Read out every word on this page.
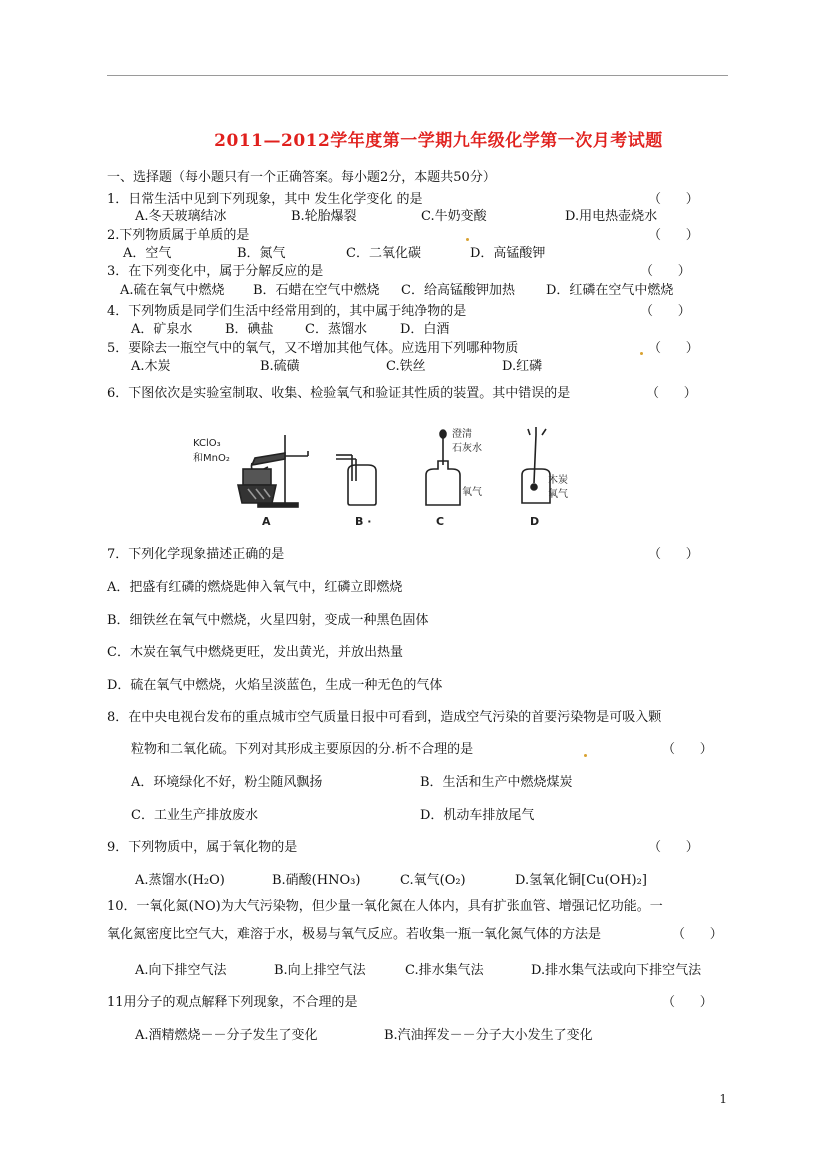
2011—2012学年度第一学期九年级化学第一次月考试题
一、选择题（每小题只有一个正确答案。每小题2分，本题共50分）
1．日常生活中见到下列现象，其中 发生化学变化 的是	（      ）
A.冬天玻璃结冰	B.轮胎爆裂	C.牛奶变酸	D.用电热壶烧水
2.下列物质属于单质的是	（      ）
A．空气	B．氮气	C．二氧化碳	D．高锰酸钾
3．在下列变化中，属于分解反应的是	（      ）
A.硫在氧气中燃烧 B．石蜡在空气中燃烧 C．给高锰酸钾加热 D．红磷在空气中燃烧
4．下列物质是同学们生活中经常用到的，其中属于纯净物的是	（      ）
A．矿泉水	B．碘盐 C．蒸馏水	D．白酒
5．要除去一瓶空气中的氧气，又不增加其他气体。应选用下列哪种物质	（      ）
A.木炭	B.硫磺	C.铁丝	D.红磷
6．下图依次是实验室制取、收集、检验氧气和验证其性质的装置。其中错误的是	（      ）
KClO₃
和MnO₂
A	B ·
澄清
石灰水
氧气
C
木炭
氧气
D
7．下列化学现象描述正确的是	（      ）
A．把盛有红磷的燃烧匙伸入氧气中，红磷立即燃烧
B．细铁丝在氧气中燃烧，火星四射，变成一种黑色固体
C．木炭在氧气中燃烧更旺，发出黄光，并放出热量
D．硫在氧气中燃烧，火焰呈淡蓝色，生成一种无色的气体
8．在中央电视台发布的重点城市空气质量日报中可看到，造成空气污染的首要污染物是可吸入颗
粒物和二氧化硫。下列对其形成主要原因的分.析不合理的是	（      ）
A．环境绿化不好，粉尘随风飘扬	B．生活和生产中燃烧煤炭
C．工业生产排放废水	D．机动车排放尾气
9．下列物质中，属于氧化物的是	（      ）
A.蒸馏水(H₂O)	B.硝酸(HNO₃)	C.氧气(O₂)	D.氢氧化铜[Cu(OH)₂]
10．一氧化氮(NO)为大气污染物，但少量一氧化氮在人体内，具有扩张血管、增强记忆功能。一
氧化氮密度比空气大，难溶于水，极易与氧气反应。若收集一瓶一氧化氮气体的方法是	（      ）
A.向下排空气法	B.向上排空气法	C.排水集气法	D.排水集气法或向下排空气法
11用分子的观点解释下列现象，不合理的是	（      ）
A.酒精燃烧－－分子发生了变化	B.汽油挥发－－分子大小发生了变化
1
